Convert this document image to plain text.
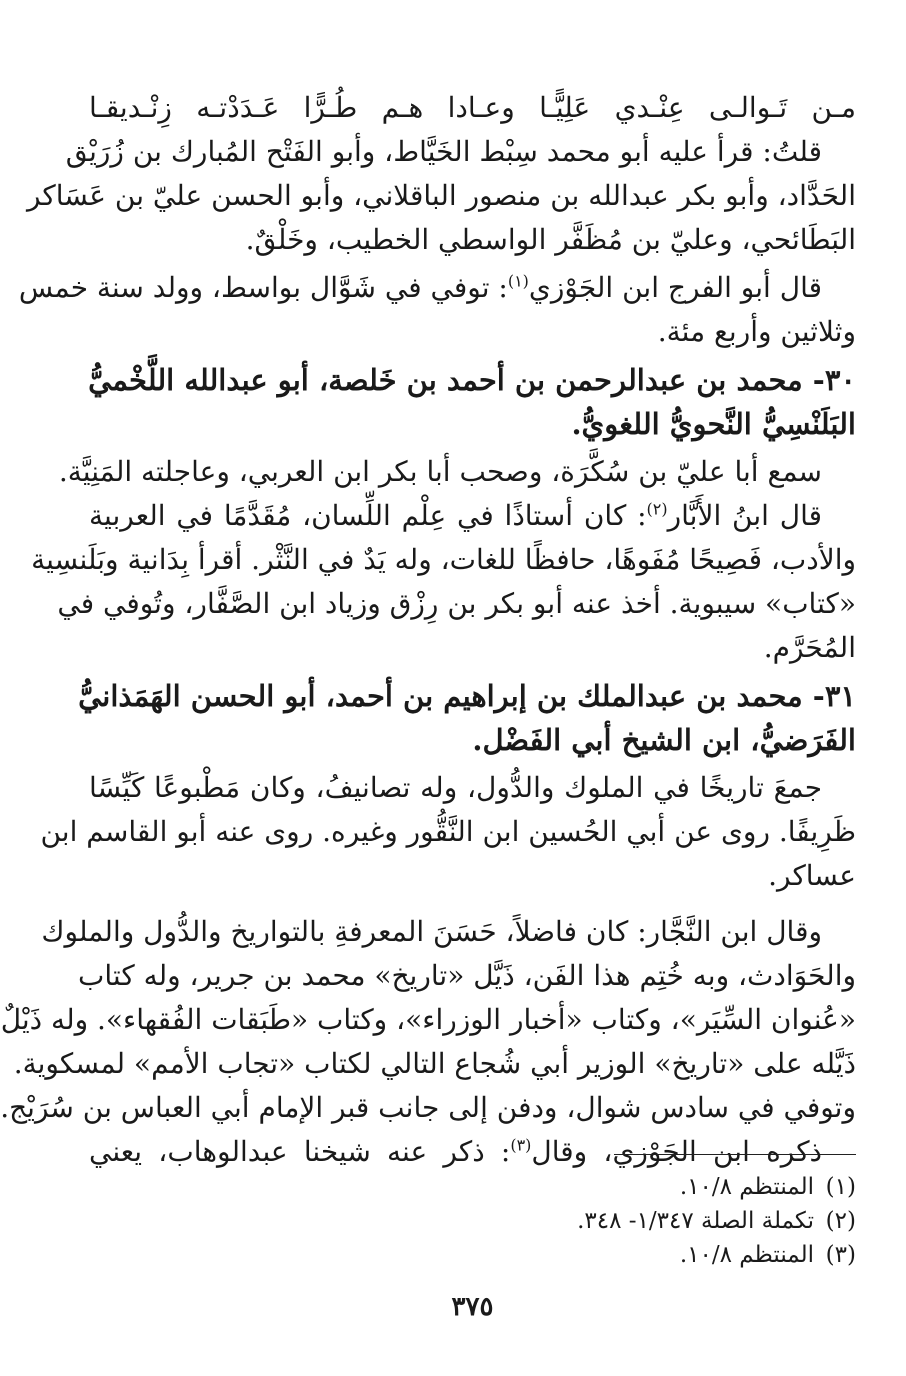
مـن تَـوالـى عِنْـدي عَلِيًّـا وعـادا هـم طُـرًّا عَـدَدْتـه زِنْـديقـا
قلتُ: قرأ عليه أبو محمد سِبْط الخَيَّاط، وأبو الفَتْح المُبارك بن زُرَيْق
الحَدَّاد، وأبو بكر عبدالله بن منصور الباقلاني، وأبو الحسن عليّ بن عَسَاكر
البَطَائحي، وعليّ بن مُظَفَّر الواسطي الخطيب، وخَلْقٌ.
قال أبو الفرج ابن الجَوْزي$^{(١)}$: توفي في شَوَّال بواسط، وولد سنة خمس
وثلاثين وأربع مئة.
٣٠- محمد بن عبدالرحمن بن أحمد بن خَلصة، أبو عبدالله اللَّخْميُّ
البَلَنْسِيُّ النَّحويُّ اللغويُّ.
سمع أبا عليّ بن سُكَّرَة، وصحب أبا بكر ابن العربي، وعاجلته المَنِيَّة.
قال ابنُ الأَبَّار$^{(٢)}$: كان أستاذًا في عِلْم اللِّسان، مُقَدَّمًا في العربية
والأدب، فَصِيحًا مُفَوهًا، حافظًا للغات، وله يَدٌ في النَّثْر. أقرأ بِدَانية وبَلَنسِية
«كتاب» سيبوية. أخذ عنه أبو بكر بن رِزْق وزياد ابن الصَّفَّار، وتُوفي في
المُحَرَّم.
٣١- محمد بن عبدالملك بن إبراهيم بن أحمد، أبو الحسن الهَمَذانيُّ
الفَرَضيُّ، ابن الشيخ أبي الفَضْل.
جمعَ تاريخًا في الملوك والدُّول، وله تصانيفُ، وكان مَطْبوعًا كَيِّسًا
ظَرِيفًا. روى عن أبي الحُسين ابن النَّقُّور وغيره. روى عنه أبو القاسم ابن
عساكر.
وقال ابن النَّجَّار: كان فاضلاً، حَسَنَ المعرفةِ بالتواريخ والدُّول والملوك
والحَوَادث، وبه خُتِم هذا الفَن، ذَيَّل «تاريخ» محمد بن جرير، وله كتاب
«عُنوان السِّيَر»، وكتاب «أخبار الوزراء»، وكتاب «طَبَقات الفُقهاء». وله ذَيْلٌ
ذَيَّله على «تاريخ» الوزير أبي شُجاع التالي لكتاب «تجاب الأمم» لمسكوية.
وتوفي في سادس شوال، ودفن إلى جانب قبر الإمام أبي العباس بن سُرَيْج.
ذكره ابن الجَوْزي، وقال$^{(٣)}$: ذكر عنه شيخنا عبدالوهاب، يعني
(١)المنتظم ١٠/٨.
(٢)تكملة الصلة ١/٣٤٧- ٣٤٨.
(٣)المنتظم ١٠/٨.
٣٧٥
